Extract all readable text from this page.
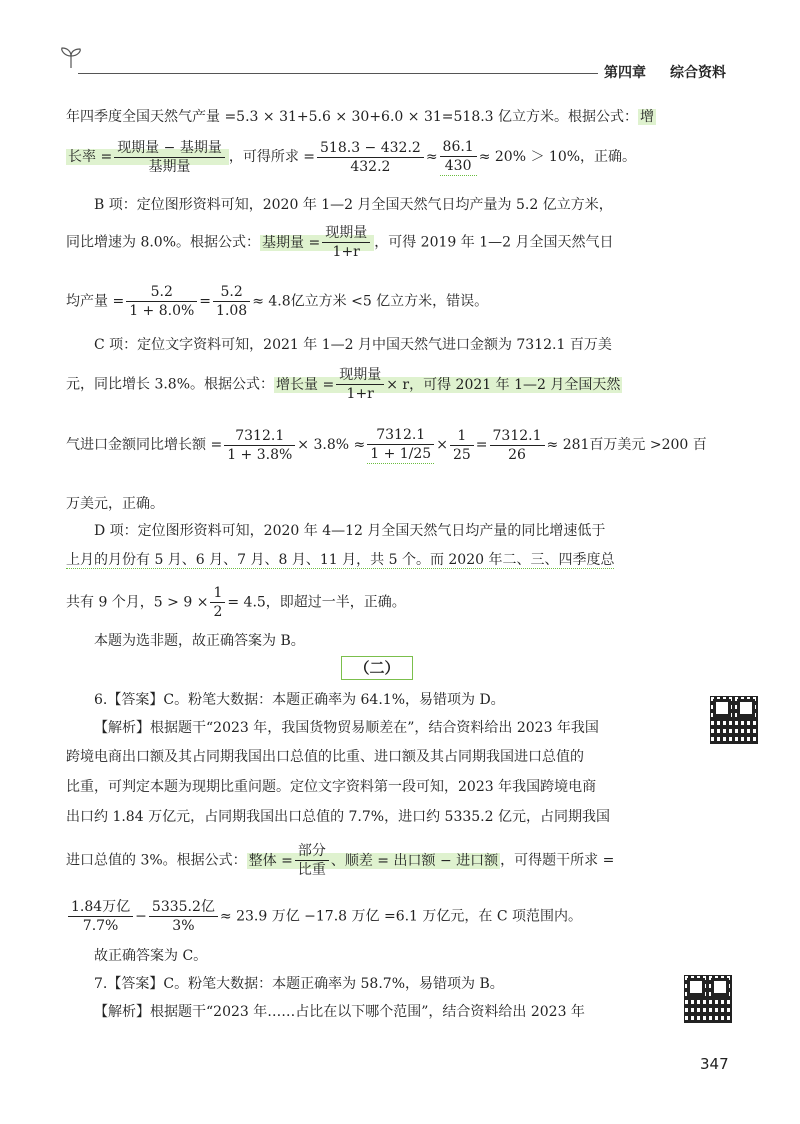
第四章 综合资料
年四季度全国天然气产量 =5.3 × 31+5.6 × 30+6.0 × 31=518.3 亿立方米。根据公式： 增
长率 = $\frac{\text{现期量 − 基期量}}{\text{基期量}}$ ，可得所求 = $\frac{518.3 - 432.2}{432.2} \approx \frac{86.1}{430} \approx 20\% > 10\%$，正确。
B 项：定位图形资料可知，2020 年 1—2 月全国天然气日均产量为 5.2 亿立方米，
同比增速为 8.0%。根据公式： 基期量 = $\frac{\text{现期量}}{1+r}$ ，可得 2019 年 1—2 月全国天然气日
均产量 = $\frac{5.2}{1 + 8.0\%} = \frac{5.2}{1.08} \approx 4.8$亿立方米 <5 亿立方米，错误。
C 项：定位文字资料可知，2021 年 1—2 月中国天然气进口金额为 7312.1 百万美
元，同比增长 3.8%。根据公式： 增长量 = $\frac{\text{现期量}}{1+r} \times r$，可得 2021 年 1—2 月全国天然
气进口金额同比增长额 = $\frac{7312.1}{1 + 3.8\%} \times 3.8\% \approx \frac{7312.1}{1 + 1/25} \times \frac{1}{25} = \frac{7312.1}{26} \approx 281$百万美元 >200 百
万美元，正确。
D 项：定位图形资料可知，2020 年 4—12 月全国天然气日均产量的同比增速低于
上月的月份有 5 月、6 月、7 月、8 月、11 月，共 5 个。而 2020 年二、三、四季度总
共有 9 个月，$5 > 9 \times \frac{1}{2} = 4.5$，即超过一半，正确。
本题为选非题，故正确答案为 B。
（二）
6.【答案】C。粉笔大数据：本题正确率为 64.1%，易错项为 D。
【解析】根据题干“2023 年，我国货物贸易顺差在”，结合资料给出 2023 年我国
跨境电商出口额及其占同期我国出口总值的比重、进口额及其占同期我国进口总值的
比重，可判定本题为现期比重问题。定位文字资料第一段可知，2023 年我国跨境电商
出口约 1.84 万亿元，占同期我国出口总值的 7.7%，进口约 5335.2 亿元，占同期我国
进口总值的 3%。根据公式： 整体 = $\frac{\text{部分}}{\text{比重}}$ 、顺差 = 出口额 − 进口额 ，可得题干所求 =
$\frac{\text{1.84万亿}}{7.7\%} - \frac{\text{5335.2亿}}{3\%} \approx 23.9$ 万亿 −17.8 万亿 =6.1 万亿元，在 C 项范围内。
故正确答案为 C。
7.【答案】C。粉笔大数据：本题正确率为 58.7%，易错项为 B。
【解析】根据题干“2023 年……占比在以下哪个范围”，结合资料给出 2023 年
347
